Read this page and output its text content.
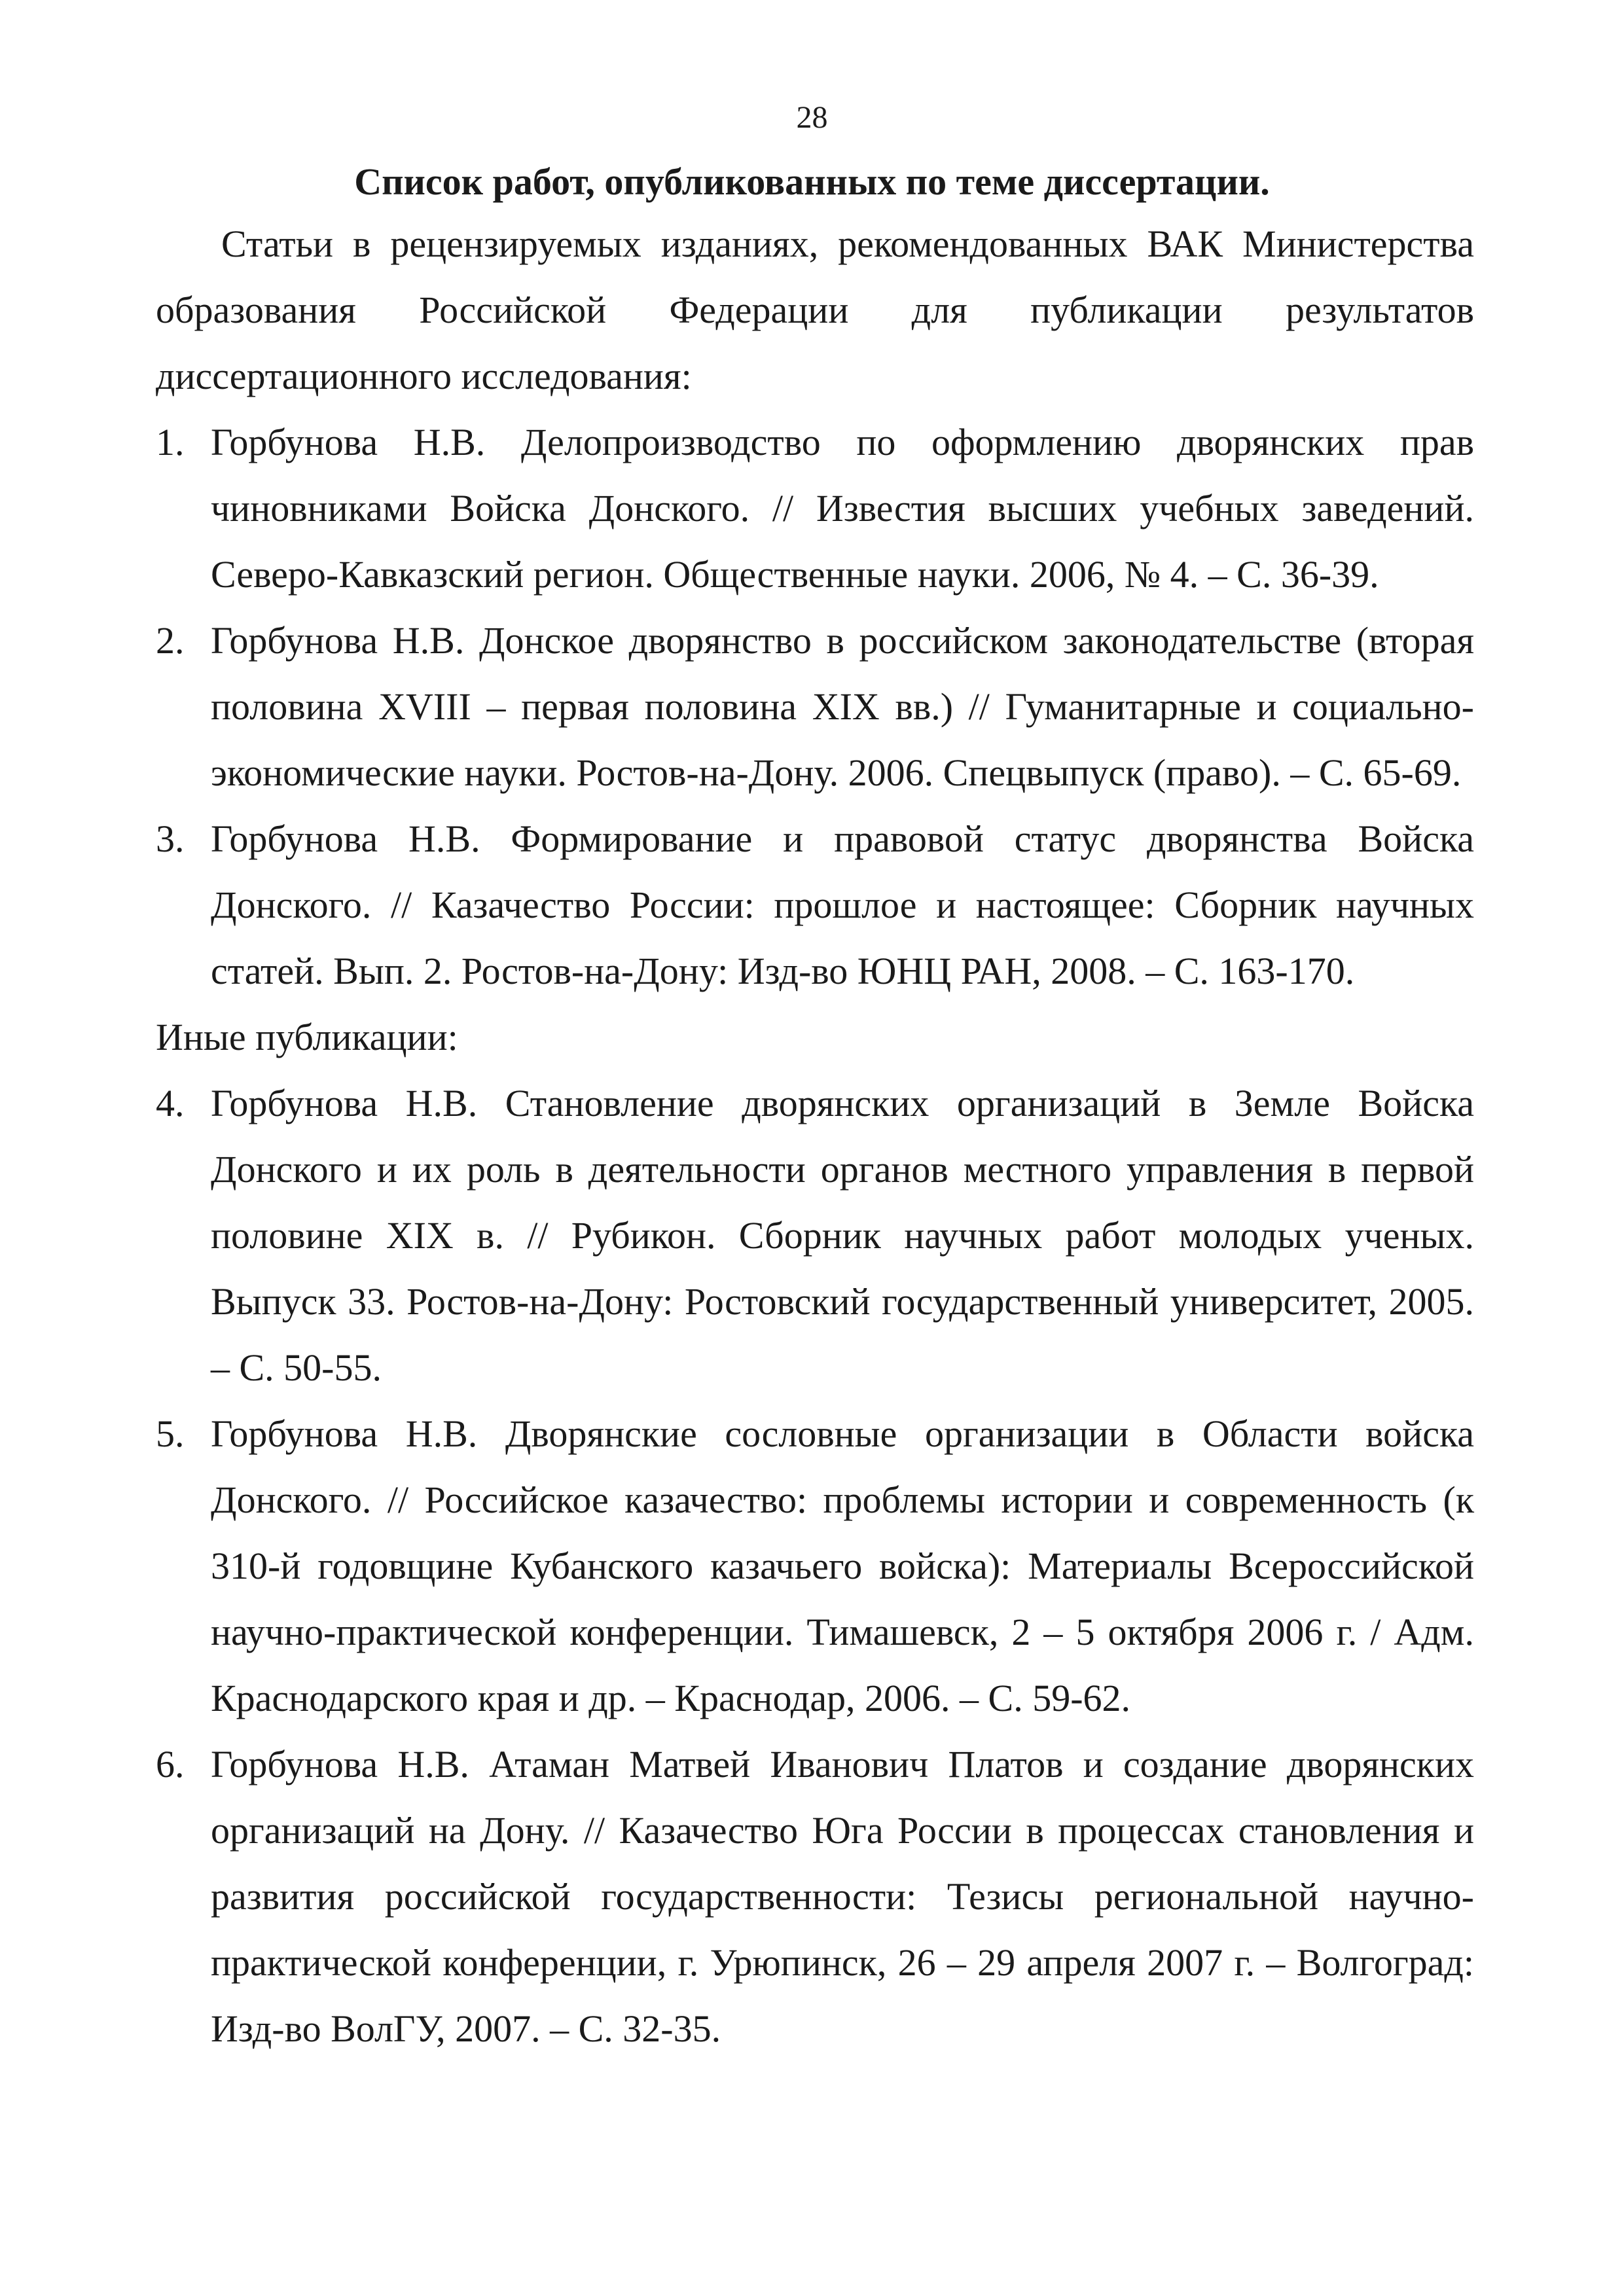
28
Список работ, опубликованных по теме диссертации.

Статьи в рецензируемых изданиях, рекомендованных ВАК Министерства образования Российской Федерации для публикации результатов диссертационного исследования:

1. Горбунова Н.В. Делопроизводство по оформлению дворянских прав чиновниками Войска Донского. // Известия высших учебных заведений. Северо-Кавказский регион. Общественные науки. 2006, № 4. – С. 36-39.
2. Горбунова Н.В. Донское дворянство в российском законодательстве (вторая половина XVIII – первая половина XIX вв.) // Гуманитарные и социально-экономические науки. Ростов-на-Дону. 2006. Спецвыпуск (право). – С. 65-69.
3. Горбунова Н.В. Формирование и правовой статус дворянства Войска Донского. // Казачество России: прошлое и настоящее: Сборник научных статей. Вып. 2. Ростов-на-Дону: Изд-во ЮНЦ РАН, 2008. – С. 163-170.

Иные публикации:

4. Горбунова Н.В. Становление дворянских организаций в Земле Войска Донского и их роль в деятельности органов местного управления в первой половине XIX в. // Рубикон. Сборник научных работ молодых ученых. Выпуск 33. Ростов-на-Дону: Ростовский государственный университет, 2005. – С. 50-55.
5. Горбунова Н.В. Дворянские сословные организации в Области войска Донского. // Российское казачество: проблемы истории и современность (к 310-й годовщине Кубанского казачьего войска): Материалы Всероссийской научно-практической конференции. Тимашевск, 2 – 5 октября 2006 г. / Адм. Краснодарского края и др. – Краснодар, 2006. – С. 59-62.
6. Горбунова Н.В. Атаман Матвей Иванович Платов и создание дворянских организаций на Дону. // Казачество Юга России в процессах становления и развития российской государственности: Тезисы региональной научно-практической конференции, г. Урюпинск, 26 – 29 апреля 2007 г. – Волгоград: Изд-во ВолГУ, 2007. – С. 32-35.
